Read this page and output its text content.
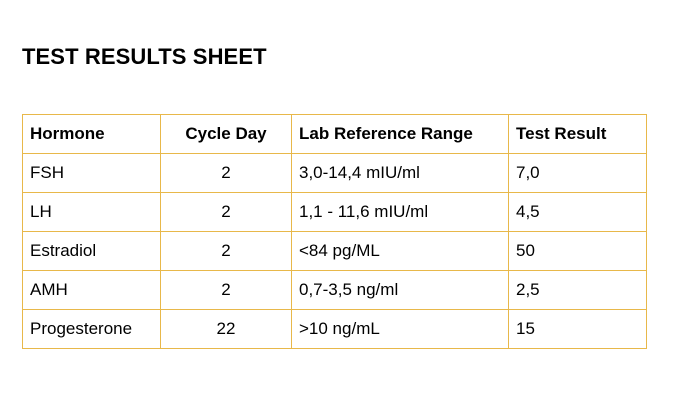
TEST RESULTS SHEET
Hormone	Cycle Day	Lab Reference Range	Test Result
FSH	2	3,0-14,4 mIU/ml	7,0
LH	2	1,1 - 11,6 mIU/ml	4,5
Estradiol	2	<84 pg/ML	50
AMH	2	0,7-3,5 ng/ml	2,5
Progesterone	22	>10 ng/mL	15
